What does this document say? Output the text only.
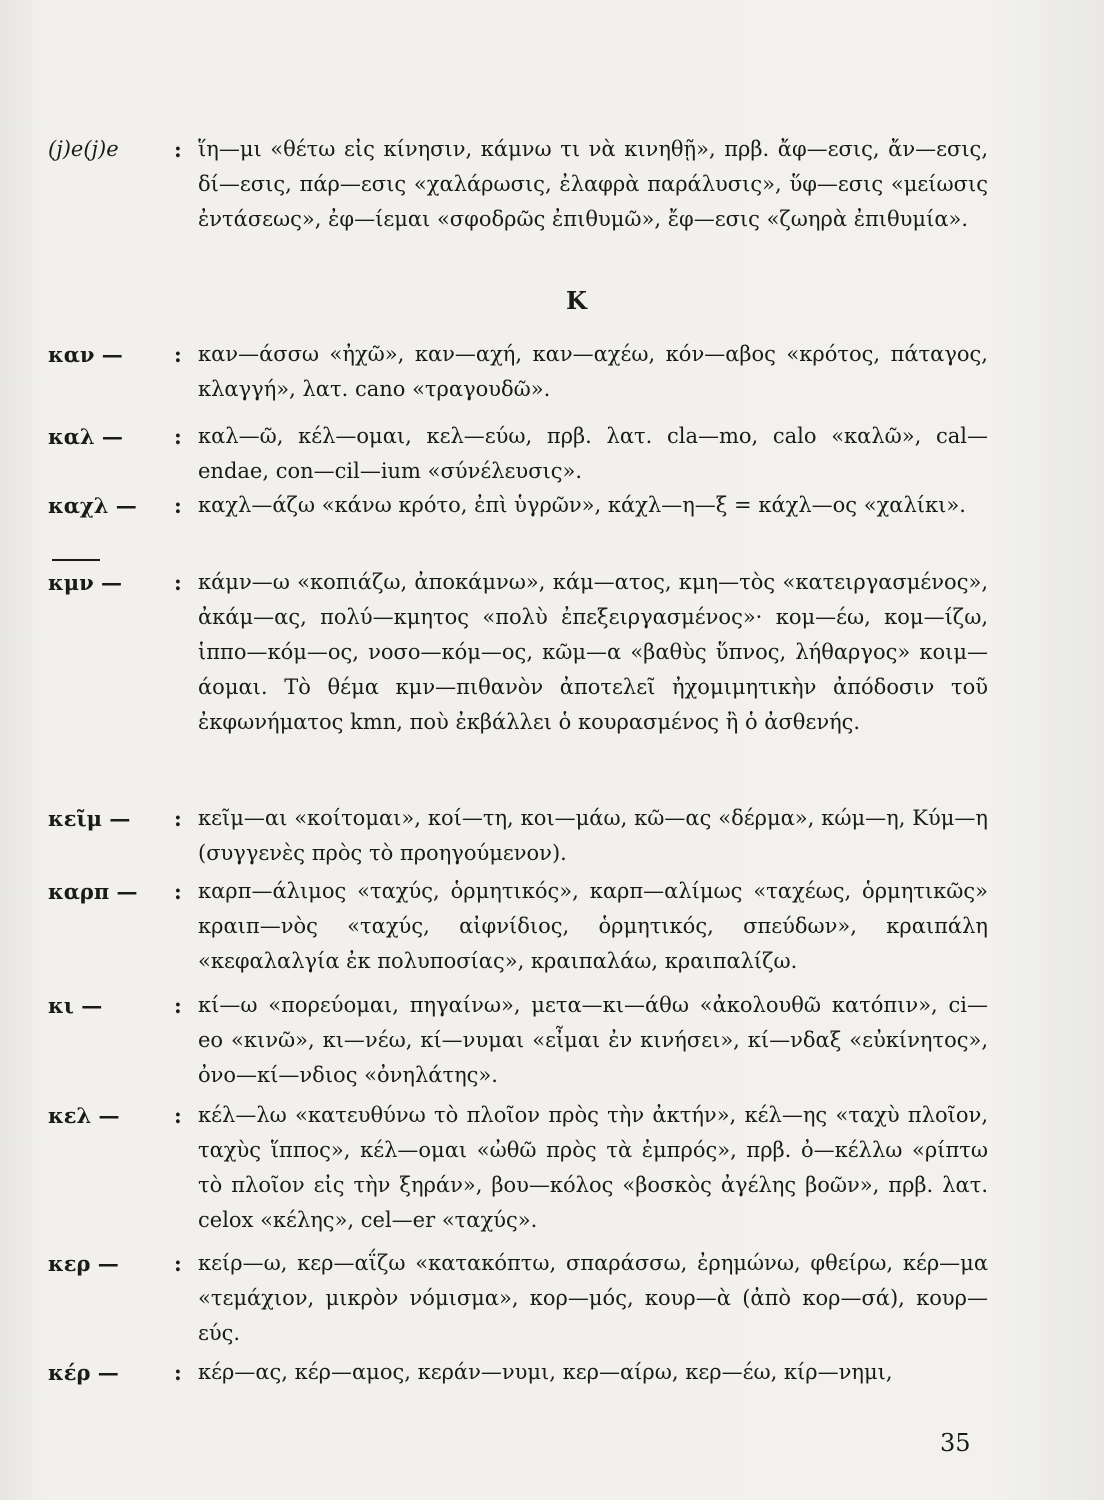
(j)e(j)e	: ἵη—μι «θέτω εἰς κίνησιν, κάμνω τι νὰ κινηθῇ», πρβ. ἄφ—εσις, ἄν—εσις, δί—εσις, πάρ—εσις «χαλάρωσις, ἐλαφρὰ παράλυσις», ὕφ—εσις «μείωσις ἐντάσεως», ἐφ—ίεμαι «σφοδρῶς ἐπιθυμῶ», ἔφ—εσις «ζωηρὰ ἐπιθυμία».
Κ
καν —	: καν—άσσω «ἠχῶ», καν—αχή, καν—αχέω, κόν—αβος «κρότος, πάταγος, κλαγγή», λατ. cano «τραγουδῶ».
καλ —	: καλ—ῶ, κέλ—ομαι, κελ—εύω, πρβ. λατ. cla—mo, calo «καλῶ», cal—endae, con—cil—ium «σύνέλευσις».
καχλ —	: καχλ—άζω «κάνω κρότο, ἐπὶ ὑγρῶν», κάχλ—η—ξ = κάχλ—ος «χαλίκι».
κμν —	: κάμν—ω «κοπιάζω, ἀποκάμνω», κάμ—ατος, κμη—τὸς «κατειργασμένος», ἀκάμ—ας, πολύ—κμητος «πολὺ ἐπεξειργασμένος»· κομ—έω, κομ—ίζω, ἱππο—κόμ—ος, νοσο—κόμ—ος, κῶμ—α «βαθὺς ὕπνος, λήθαργος» κοιμ—άομαι. Τὸ θέμα κμν—πιθανὸν ἀποτελεῖ ἠχομιμητικὴν ἀπόδοσιν τοῦ ἐκφωνήματος kmn, ποὺ ἐκβάλλει ὁ κουρασμένος ἢ ὁ ἀσθενής.
κεῖμ —	: κεῖμ—αι «κοίτομαι», κοί—τη, κοι—μάω, κῶ—ας «δέρμα», κώμ—η, Κύμ—η (συγγενὲς πρὸς τὸ προηγούμενον).
καρπ —	: καρπ—άλιμος «ταχύς, ὁρμητικός», καρπ—αλίμως «ταχέως, ὁρμητικῶς» κραιπ—νὸς «ταχύς, αἰφνίδιος, ὁρμητικός, σπεύδων», κραιπάλη «κεφαλαλγία ἐκ πολυποσίας», κραιπαλάω, κραιπαλίζω.
κι —	: κί—ω «πορεύομαι, πηγαίνω», μετα—κι—άθω «ἀκολουθῶ κατόπιν», ci—eo «κινῶ», κι—νέω, κί—νυμαι «εἶμαι ἐν κινήσει», κί—νδαξ «εὐκίνητος», ὀνο—κί—νδιος «ὀνηλάτης».
κελ —	: κέλ—λω «κατευθύνω τὸ πλοῖον πρὸς τὴν ἀκτήν», κέλ—ης «ταχὺ πλοῖον, ταχὺς ἵππος», κέλ—ομαι «ὠθῶ πρὸς τὰ ἐμπρός», πρβ. ὀ—κέλλω «ρίπτω τὸ πλοῖον εἰς τὴν ξηράν», βου—κόλος «βοσκὸς ἀγέλης βοῶν», πρβ. λατ. celox «κέλης», cel—er «ταχύς».
κερ —	: κείρ—ω, κερ—αΐζω «κατακόπτω, σπαράσσω, ἐρημώνω, φθείρω, κέρ—μα «τεμάχιον, μικρὸν νόμισμα», κορ—μός, κουρ—ὰ (ἀπὸ κορ—σά), κουρ—εύς.
κέρ —	: κέρ—ας, κέρ—αμος, κεράν—νυμι, κερ—αίρω, κερ—έω, κίρ—νημι,
35
